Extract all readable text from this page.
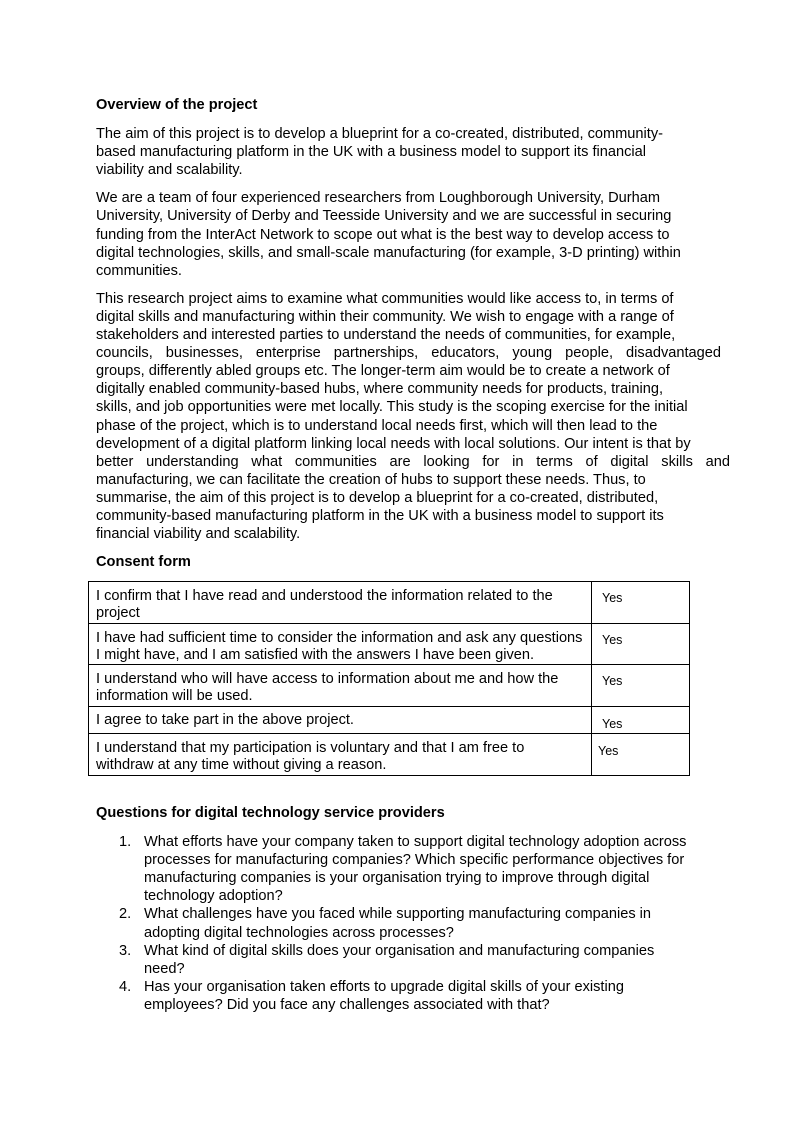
Overview of the project

The aim of this project is to develop a blueprint for a co-created, distributed, community-
based manufacturing platform in the UK with a business model to support its financial
viability and scalability.

We are a team of four experienced researchers from Loughborough University, Durham
University, University of Derby and Teesside University and we are successful in securing
funding from the InterAct Network to scope out what is the best way to develop access to
digital technologies, skills, and small-scale manufacturing (for example, 3-D printing) within
communities.

This research project aims to examine what communities would like access to, in terms of
digital skills and manufacturing within their community. We wish to engage with a range of
stakeholders and interested parties to understand the needs of communities, for example,
councils, businesses, enterprise partnerships, educators, young people, disadvantaged
groups, differently abled groups etc. The longer-term aim would be to create a network of
digitally enabled community-based hubs, where community needs for products, training,
skills, and job opportunities were met locally. This study is the scoping exercise for the initial
phase of the project, which is to understand local needs first, which will then lead to the
development of a digital platform linking local needs with local solutions. Our intent is that by
better understanding what communities are looking for in terms of digital skills and
manufacturing, we can facilitate the creation of hubs to support these needs. Thus, to
summarise, the aim of this project is to develop a blueprint for a co-created, distributed,
community-based manufacturing platform in the UK with a business model to support its
financial viability and scalability.

Consent form

I confirm that I have read and understood the information related to the
project	Yes

I have had sufficient time to consider the information and ask any questions
I might have, and I am satisfied with the answers I have been given.	Yes

I understand who will have access to information about me and how the
information will be used.	Yes

I agree to take part in the above project.	Yes

I understand that my participation is voluntary and that I am free to
withdraw at any time without giving a reason.	Yes

Questions for digital technology service providers

1. What efforts have your company taken to support digital technology adoption across
processes for manufacturing companies? Which specific performance objectives for
manufacturing companies is your organisation trying to improve through digital
technology adoption?
2. What challenges have you faced while supporting manufacturing companies in
adopting digital technologies across processes?
3. What kind of digital skills does your organisation and manufacturing companies
need?
4. Has your organisation taken efforts to upgrade digital skills of your existing
employees? Did you face any challenges associated with that?
